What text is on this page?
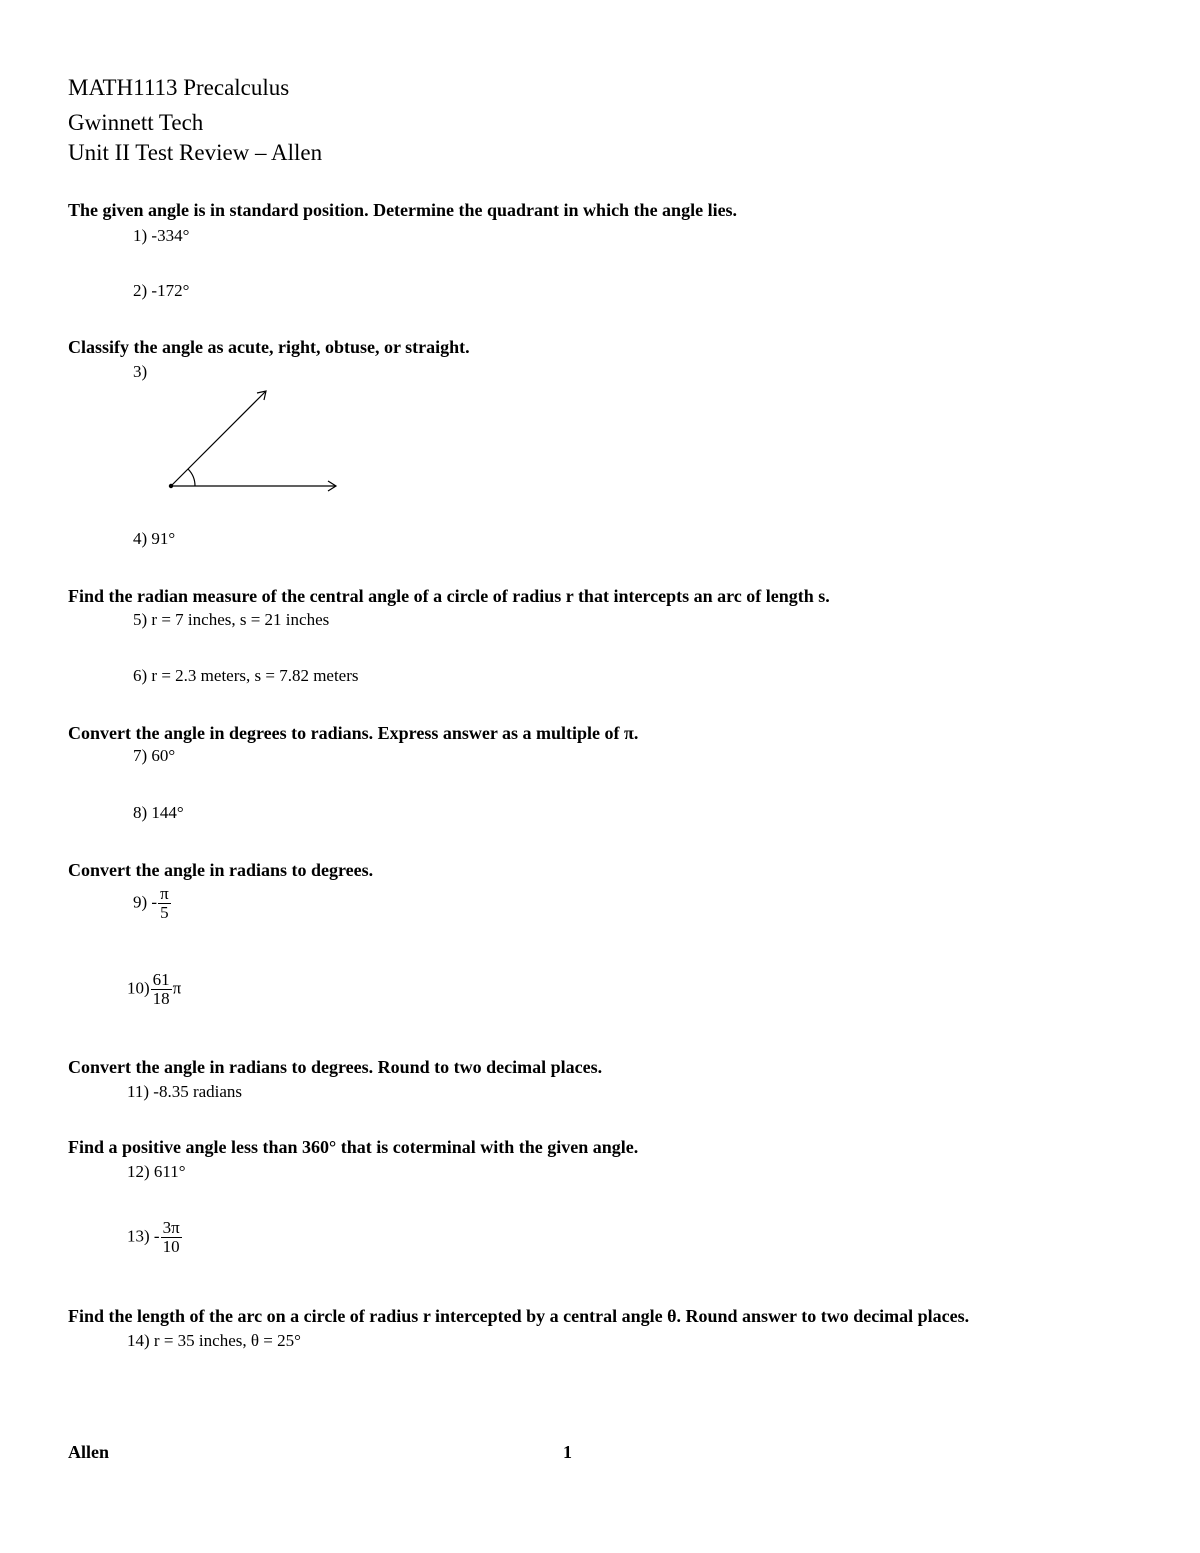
MATH1113 Precalculus
Gwinnett Tech
Unit II Test Review – Allen
The given angle is in standard position. Determine the quadrant in which the angle lies.
1) -334°
2) -172°
Classify the angle as acute, right, obtuse, or straight.
3)
4) 91°
Find the radian measure of the central angle of a circle of radius r that intercepts an arc of length s.
5) r = 7 inches, s = 21 inches
6) r = 2.3 meters, s = 7.82 meters
Convert the angle in degrees to radians. Express answer as a multiple of π.
7) 60°
8) 144°
Convert the angle in radians to degrees.
$9) - \frac{\pi}{5}$
$10) \frac{61}{18}$ π
Convert the angle in radians to degrees. Round to two decimal places.
11) -8.35 radians
Find a positive angle less than 360° that is coterminal with the given angle.
12) 611°
$13) - \frac{3\pi}{10}$
Find the length of the arc on a circle of radius r intercepted by a central angle θ. Round answer to two decimal places.
14) r = 35 inches, θ = 25°
Allen	1
